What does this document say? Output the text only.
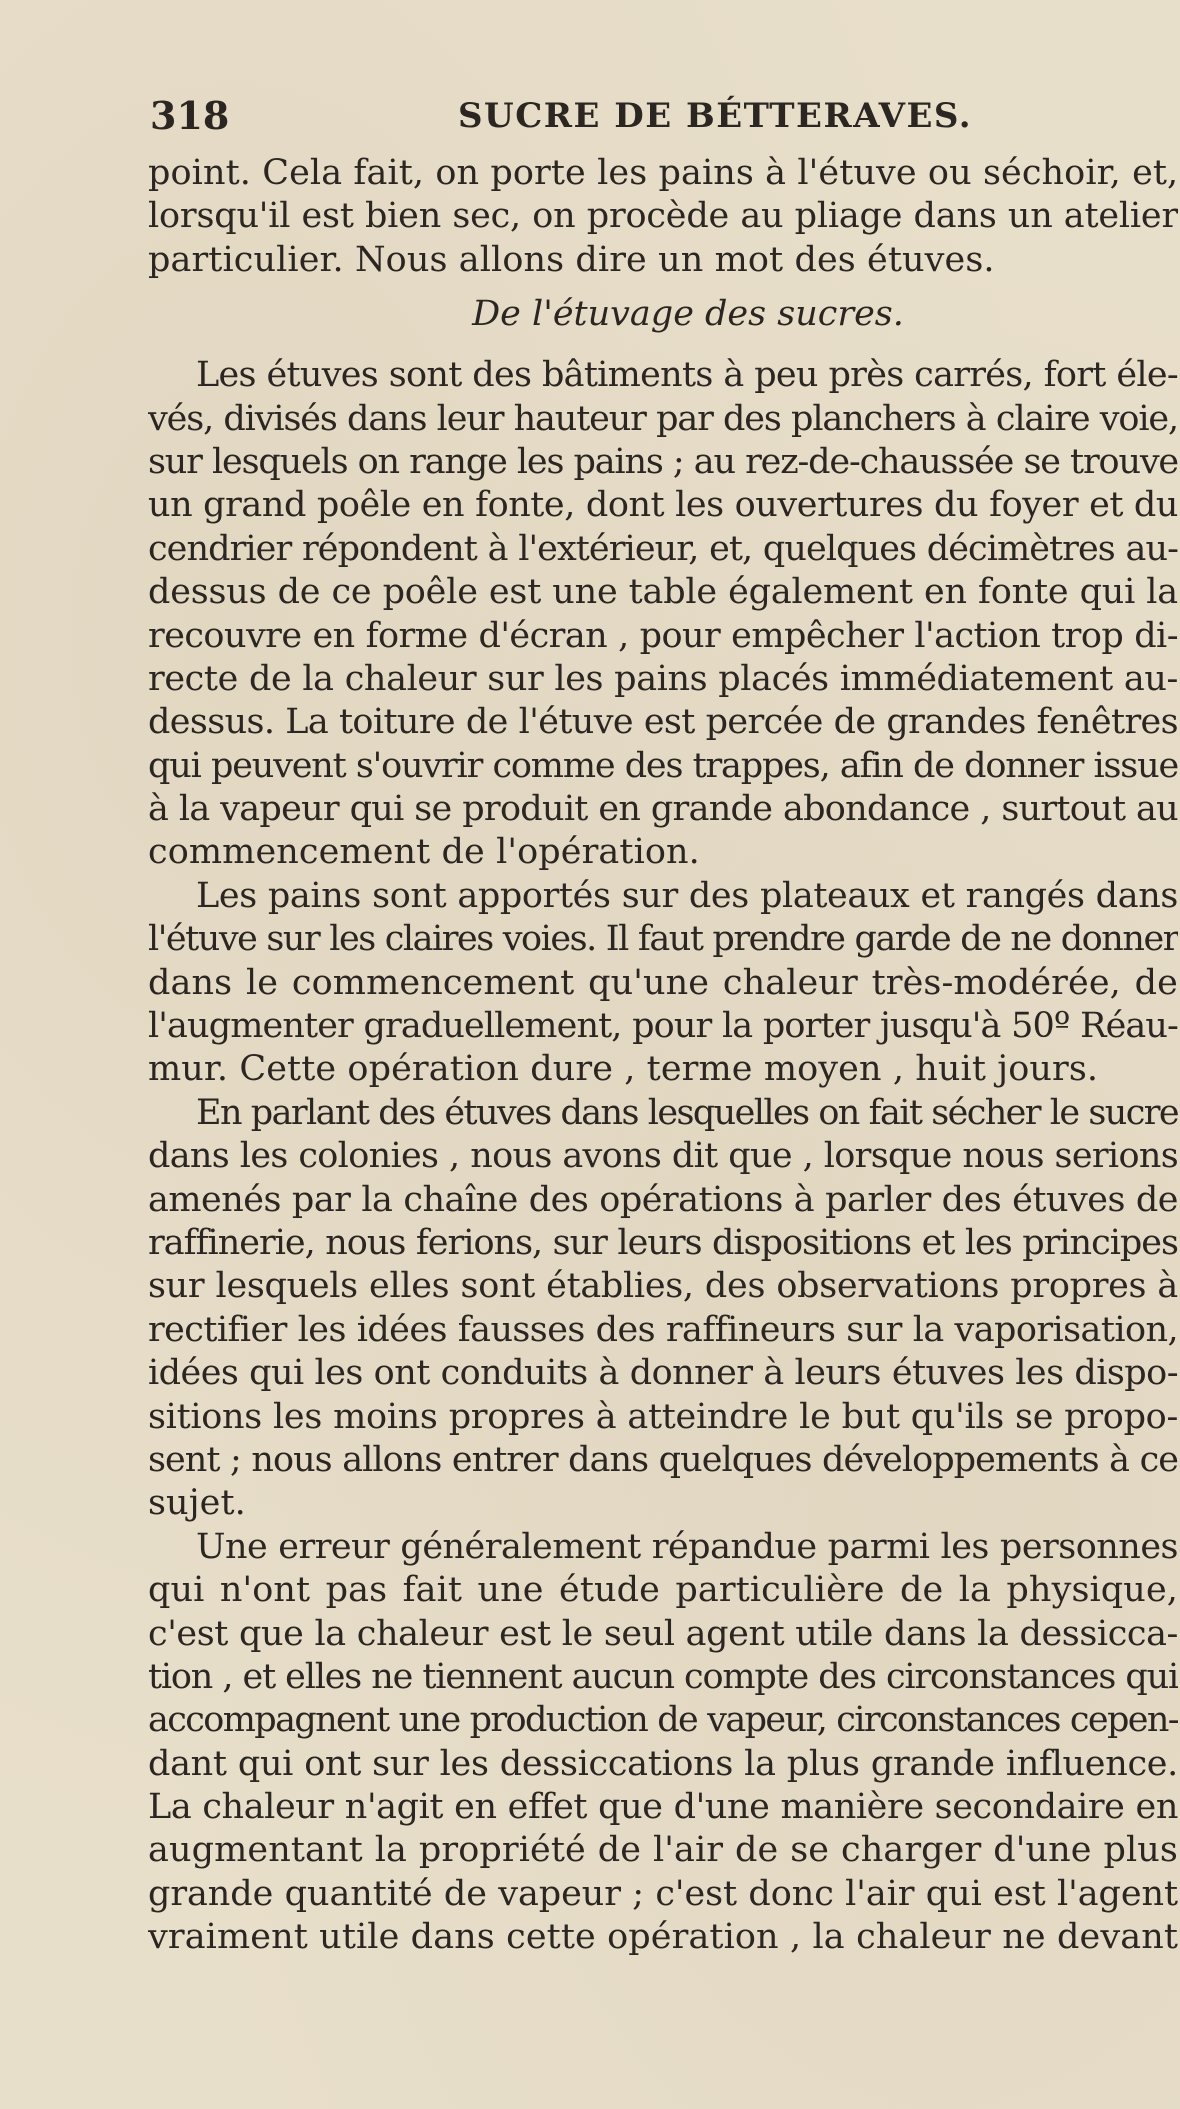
318	SUCRE DE BÉTTERAVES.
point. Cela fait, on porte les pains à l'étuve ou séchoir, et,
lorsqu'il est bien sec, on procède au pliage dans un atelier
particulier. Nous allons dire un mot des étuves.
De l'étuvage des sucres.
Les étuves sont des bâtiments à peu près carrés, fort éle-
vés, divisés dans leur hauteur par des planchers à claire voie,
sur lesquels on range les pains ; au rez-de-chaussée se trouve
un grand poêle en fonte, dont les ouvertures du foyer et du
cendrier répondent à l'extérieur, et, quelques décimètres au-
dessus de ce poêle est une table également en fonte qui la
recouvre en forme d'écran , pour empêcher l'action trop di-
recte de la chaleur sur les pains placés immédiatement au-
dessus. La toiture de l'étuve est percée de grandes fenêtres
qui peuvent s'ouvrir comme des trappes, afin de donner issue
à la vapeur qui se produit en grande abondance , surtout au
commencement de l'opération.
Les pains sont apportés sur des plateaux et rangés dans
l'étuve sur les claires voies. Il faut prendre garde de ne donner
dans le commencement qu'une chaleur très-modérée, de
l'augmenter graduellement, pour la porter jusqu'à 50º Réau-
mur. Cette opération dure , terme moyen , huit jours.
En parlant des étuves dans lesquelles on fait sécher le sucre
dans les colonies , nous avons dit que , lorsque nous serions
amenés par la chaîne des opérations à parler des étuves de
raffinerie, nous ferions, sur leurs dispositions et les principes
sur lesquels elles sont établies, des observations propres à
rectifier les idées fausses des raffineurs sur la vaporisation,
idées qui les ont conduits à donner à leurs étuves les dispo-
sitions les moins propres à atteindre le but qu'ils se propo-
sent ; nous allons entrer dans quelques développements à ce
sujet.
Une erreur généralement répandue parmi les personnes
qui n'ont pas fait une étude particulière de la physique,
c'est que la chaleur est le seul agent utile dans la dessicca-
tion , et elles ne tiennent aucun compte des circonstances qui
accompagnent une production de vapeur, circonstances cepen-
dant qui ont sur les dessiccations la plus grande influence.
La chaleur n'agit en effet que d'une manière secondaire en
augmentant la propriété de l'air de se charger d'une plus
grande quantité de vapeur ; c'est donc l'air qui est l'agent
vraiment utile dans cette opération , la chaleur ne devant
